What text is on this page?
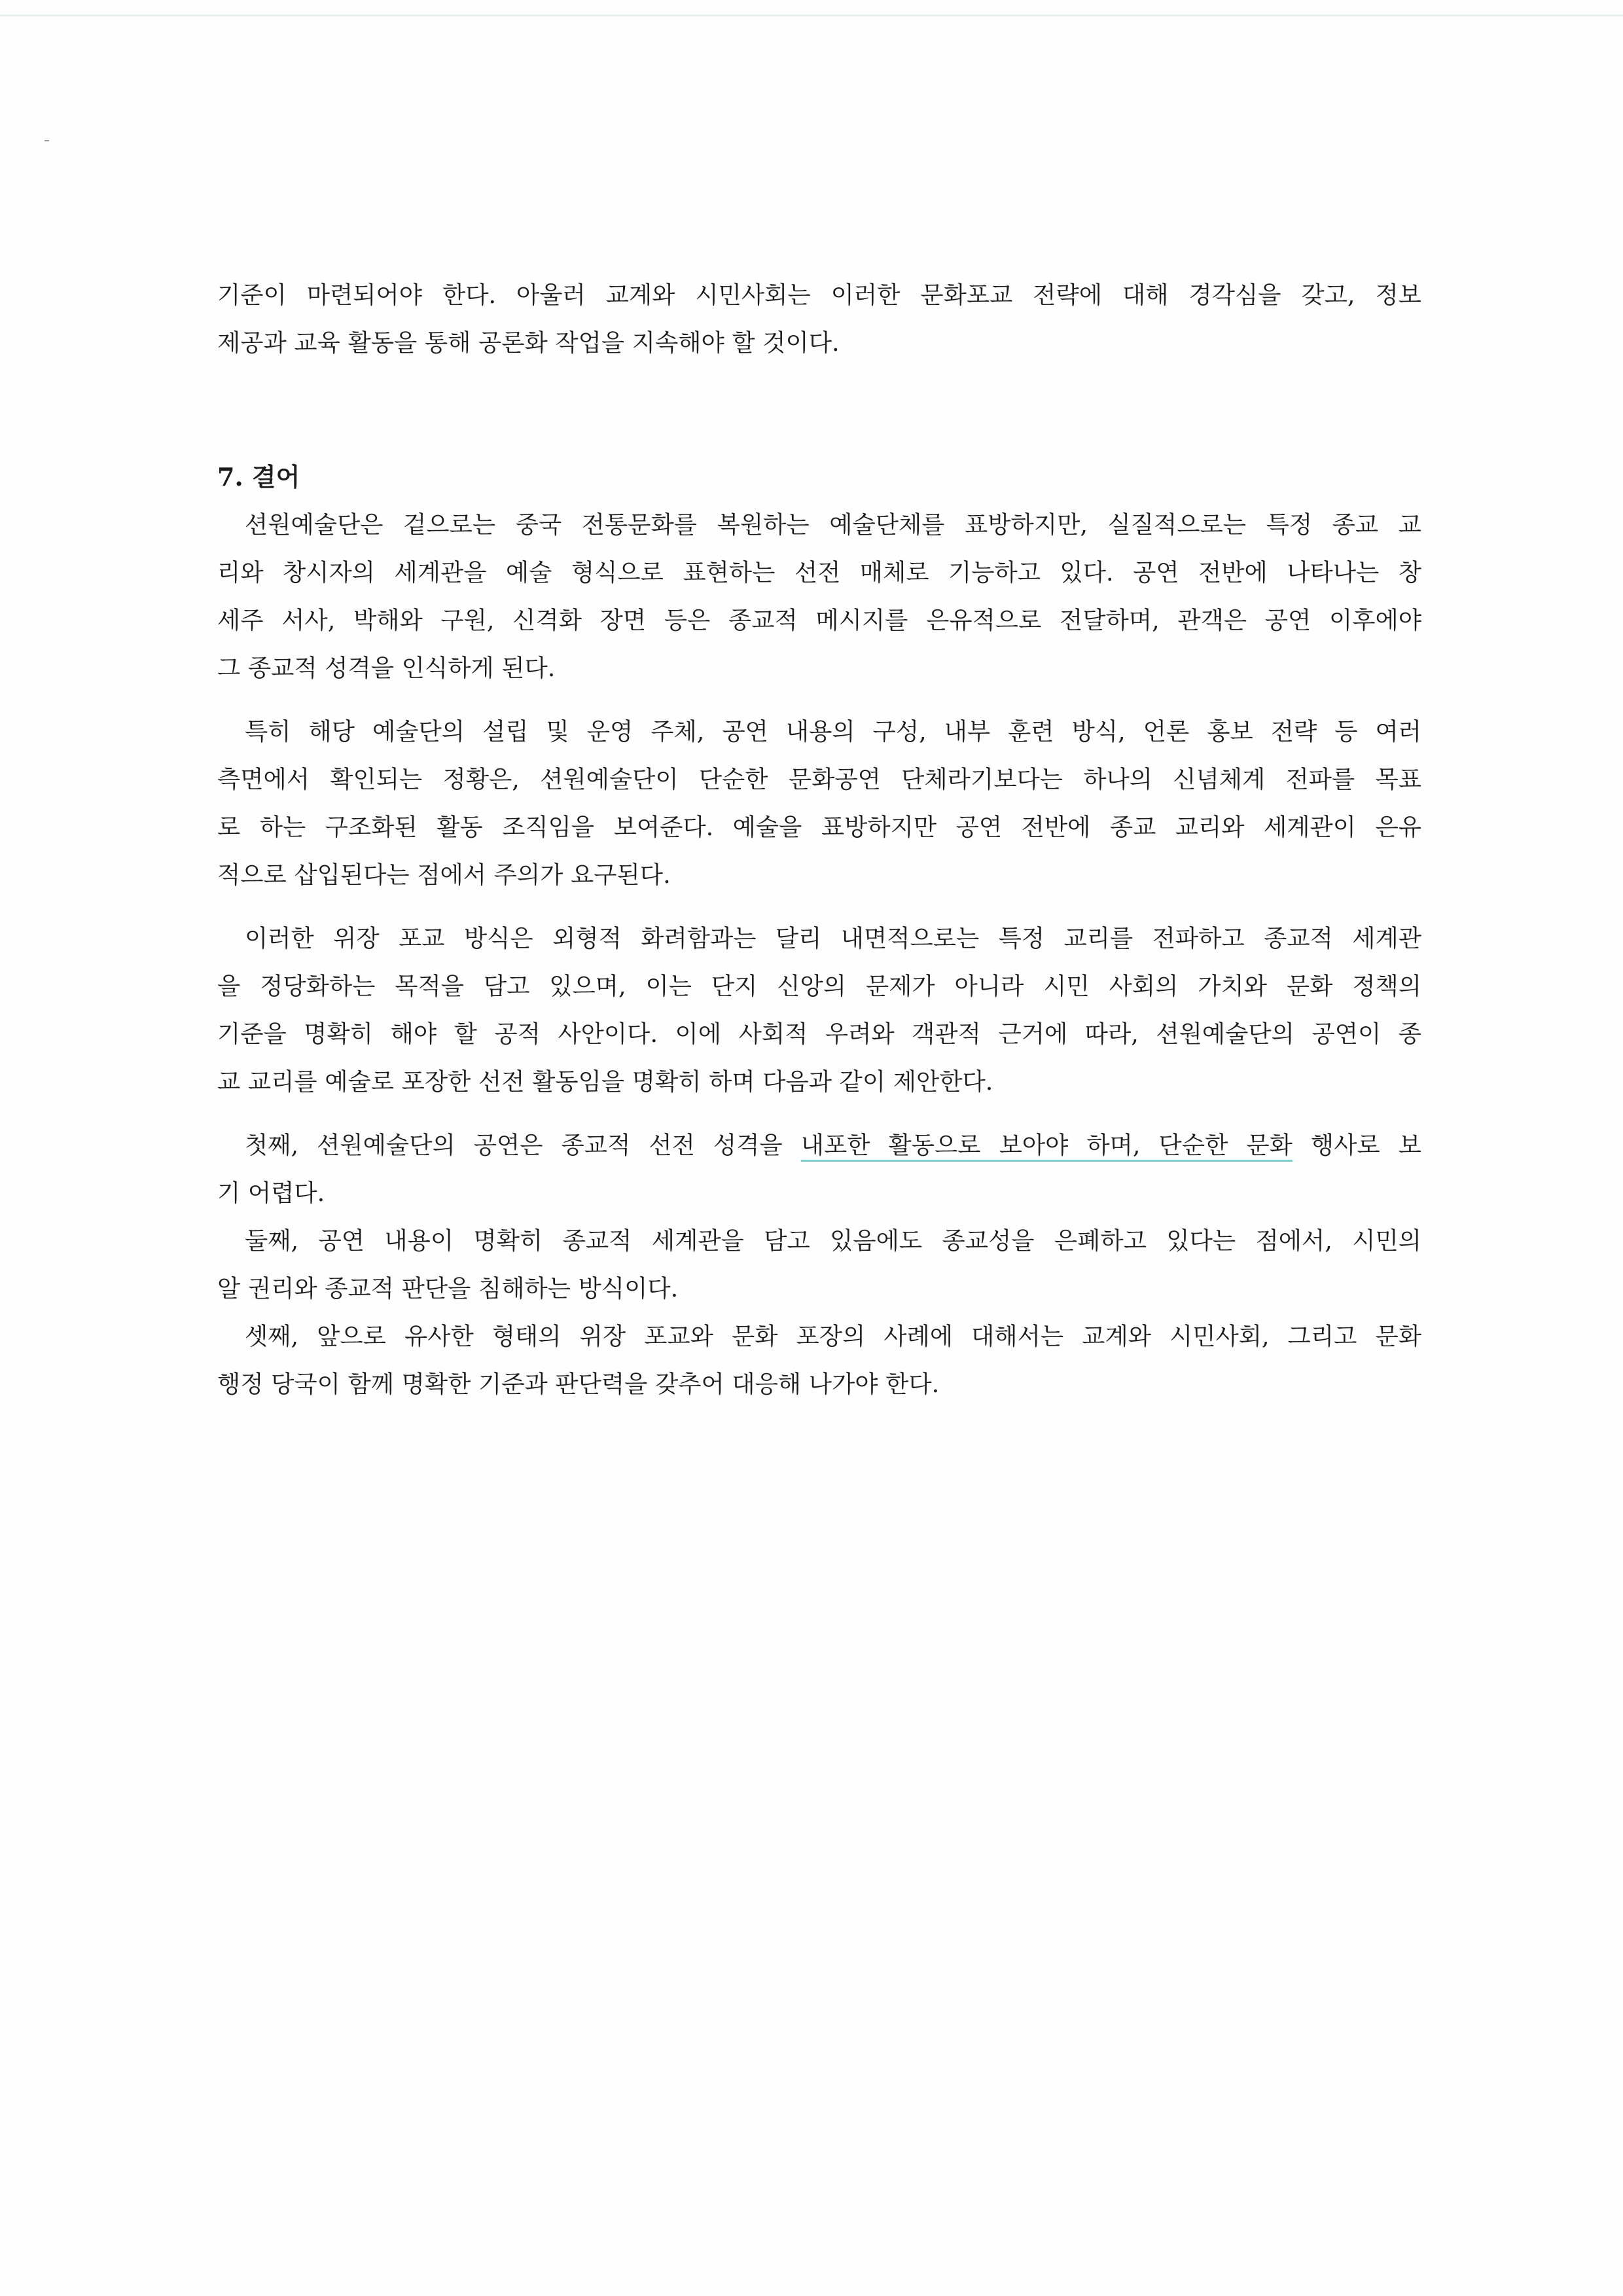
기준이 마련되어야 한다. 아울러 교계와 시민사회는 이러한 문화포교 전략에 대해 경각심을 갖고, 정보
제공과 교육 활동을 통해 공론화 작업을 지속해야 할 것이다.
7. 결어
션원예술단은 겉으로는 중국 전통문화를 복원하는 예술단체를 표방하지만, 실질적으로는 특정 종교 교
리와 창시자의 세계관을 예술 형식으로 표현하는 선전 매체로 기능하고 있다. 공연 전반에 나타나는 창
세주 서사, 박해와 구원, 신격화 장면 등은 종교적 메시지를 은유적으로 전달하며, 관객은 공연 이후에야
그 종교적 성격을 인식하게 된다.
특히 해당 예술단의 설립 및 운영 주체, 공연 내용의 구성, 내부 훈련 방식, 언론 홍보 전략 등 여러
측면에서 확인되는 정황은, 션원예술단이 단순한 문화공연 단체라기보다는 하나의 신념체계 전파를 목표
로 하는 구조화된 활동 조직임을 보여준다. 예술을 표방하지만 공연 전반에 종교 교리와 세계관이 은유
적으로 삽입된다는 점에서 주의가 요구된다.
이러한 위장 포교 방식은 외형적 화려함과는 달리 내면적으로는 특정 교리를 전파하고 종교적 세계관
을 정당화하는 목적을 담고 있으며, 이는 단지 신앙의 문제가 아니라 시민 사회의 가치와 문화 정책의
기준을 명확히 해야 할 공적 사안이다. 이에 사회적 우려와 객관적 근거에 따라, 션원예술단의 공연이 종
교 교리를 예술로 포장한 선전 활동임을 명확히 하며 다음과 같이 제안한다.
첫째, 션원예술단의 공연은 종교적 선전 성격을 내포한 활동으로 보아야 하며, 단순한 문화 행사로 보
기 어렵다.
둘째, 공연 내용이 명확히 종교적 세계관을 담고 있음에도 종교성을 은폐하고 있다는 점에서, 시민의
알 권리와 종교적 판단을 침해하는 방식이다.
셋째, 앞으로 유사한 형태의 위장 포교와 문화 포장의 사례에 대해서는 교계와 시민사회, 그리고 문화
행정 당국이 함께 명확한 기준과 판단력을 갖추어 대응해 나가야 한다.
